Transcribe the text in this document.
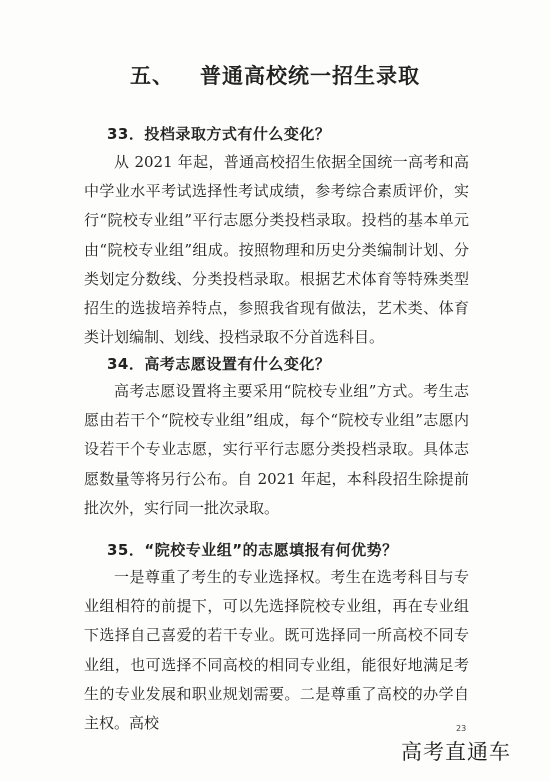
五、 普通高校统一招生录取
33．投档录取方式有什么变化？
从 2021 年起，普通高校招生依据全国统一高考和高中学业水平考试选择性考试成绩，参考综合素质评价，实行“院校专业组”平行志愿分类投档录取。投档的基本单元由“院校专业组”组成。按照物理和历史分类编制计划、分类划定分数线、分类投档录取。根据艺术体育等特殊类型招生的选拔培养特点，参照我省现有做法，艺术类、体育类计划编制、划线、投档录取不分首选科目。
34．高考志愿设置有什么变化？
高考志愿设置将主要采用“院校专业组”方式。考生志愿由若干个“院校专业组”组成，每个“院校专业组”志愿内设若干个专业志愿，实行平行志愿分类投档录取。具体志愿数量等将另行公布。自 2021 年起，本科段招生除提前批次外，实行同一批次录取。
35．“院校专业组”的志愿填报有何优势？
一是尊重了考生的专业选择权。考生在选考科目与专业组相符的前提下，可以先选择院校专业组，再在专业组下选择自己喜爱的若干专业。既可选择同一所高校不同专业组，也可选择不同高校的相同专业组，能很好地满足考生的专业发展和职业规划需要。二是尊重了高校的办学自主权。高校	23
高考直通车
